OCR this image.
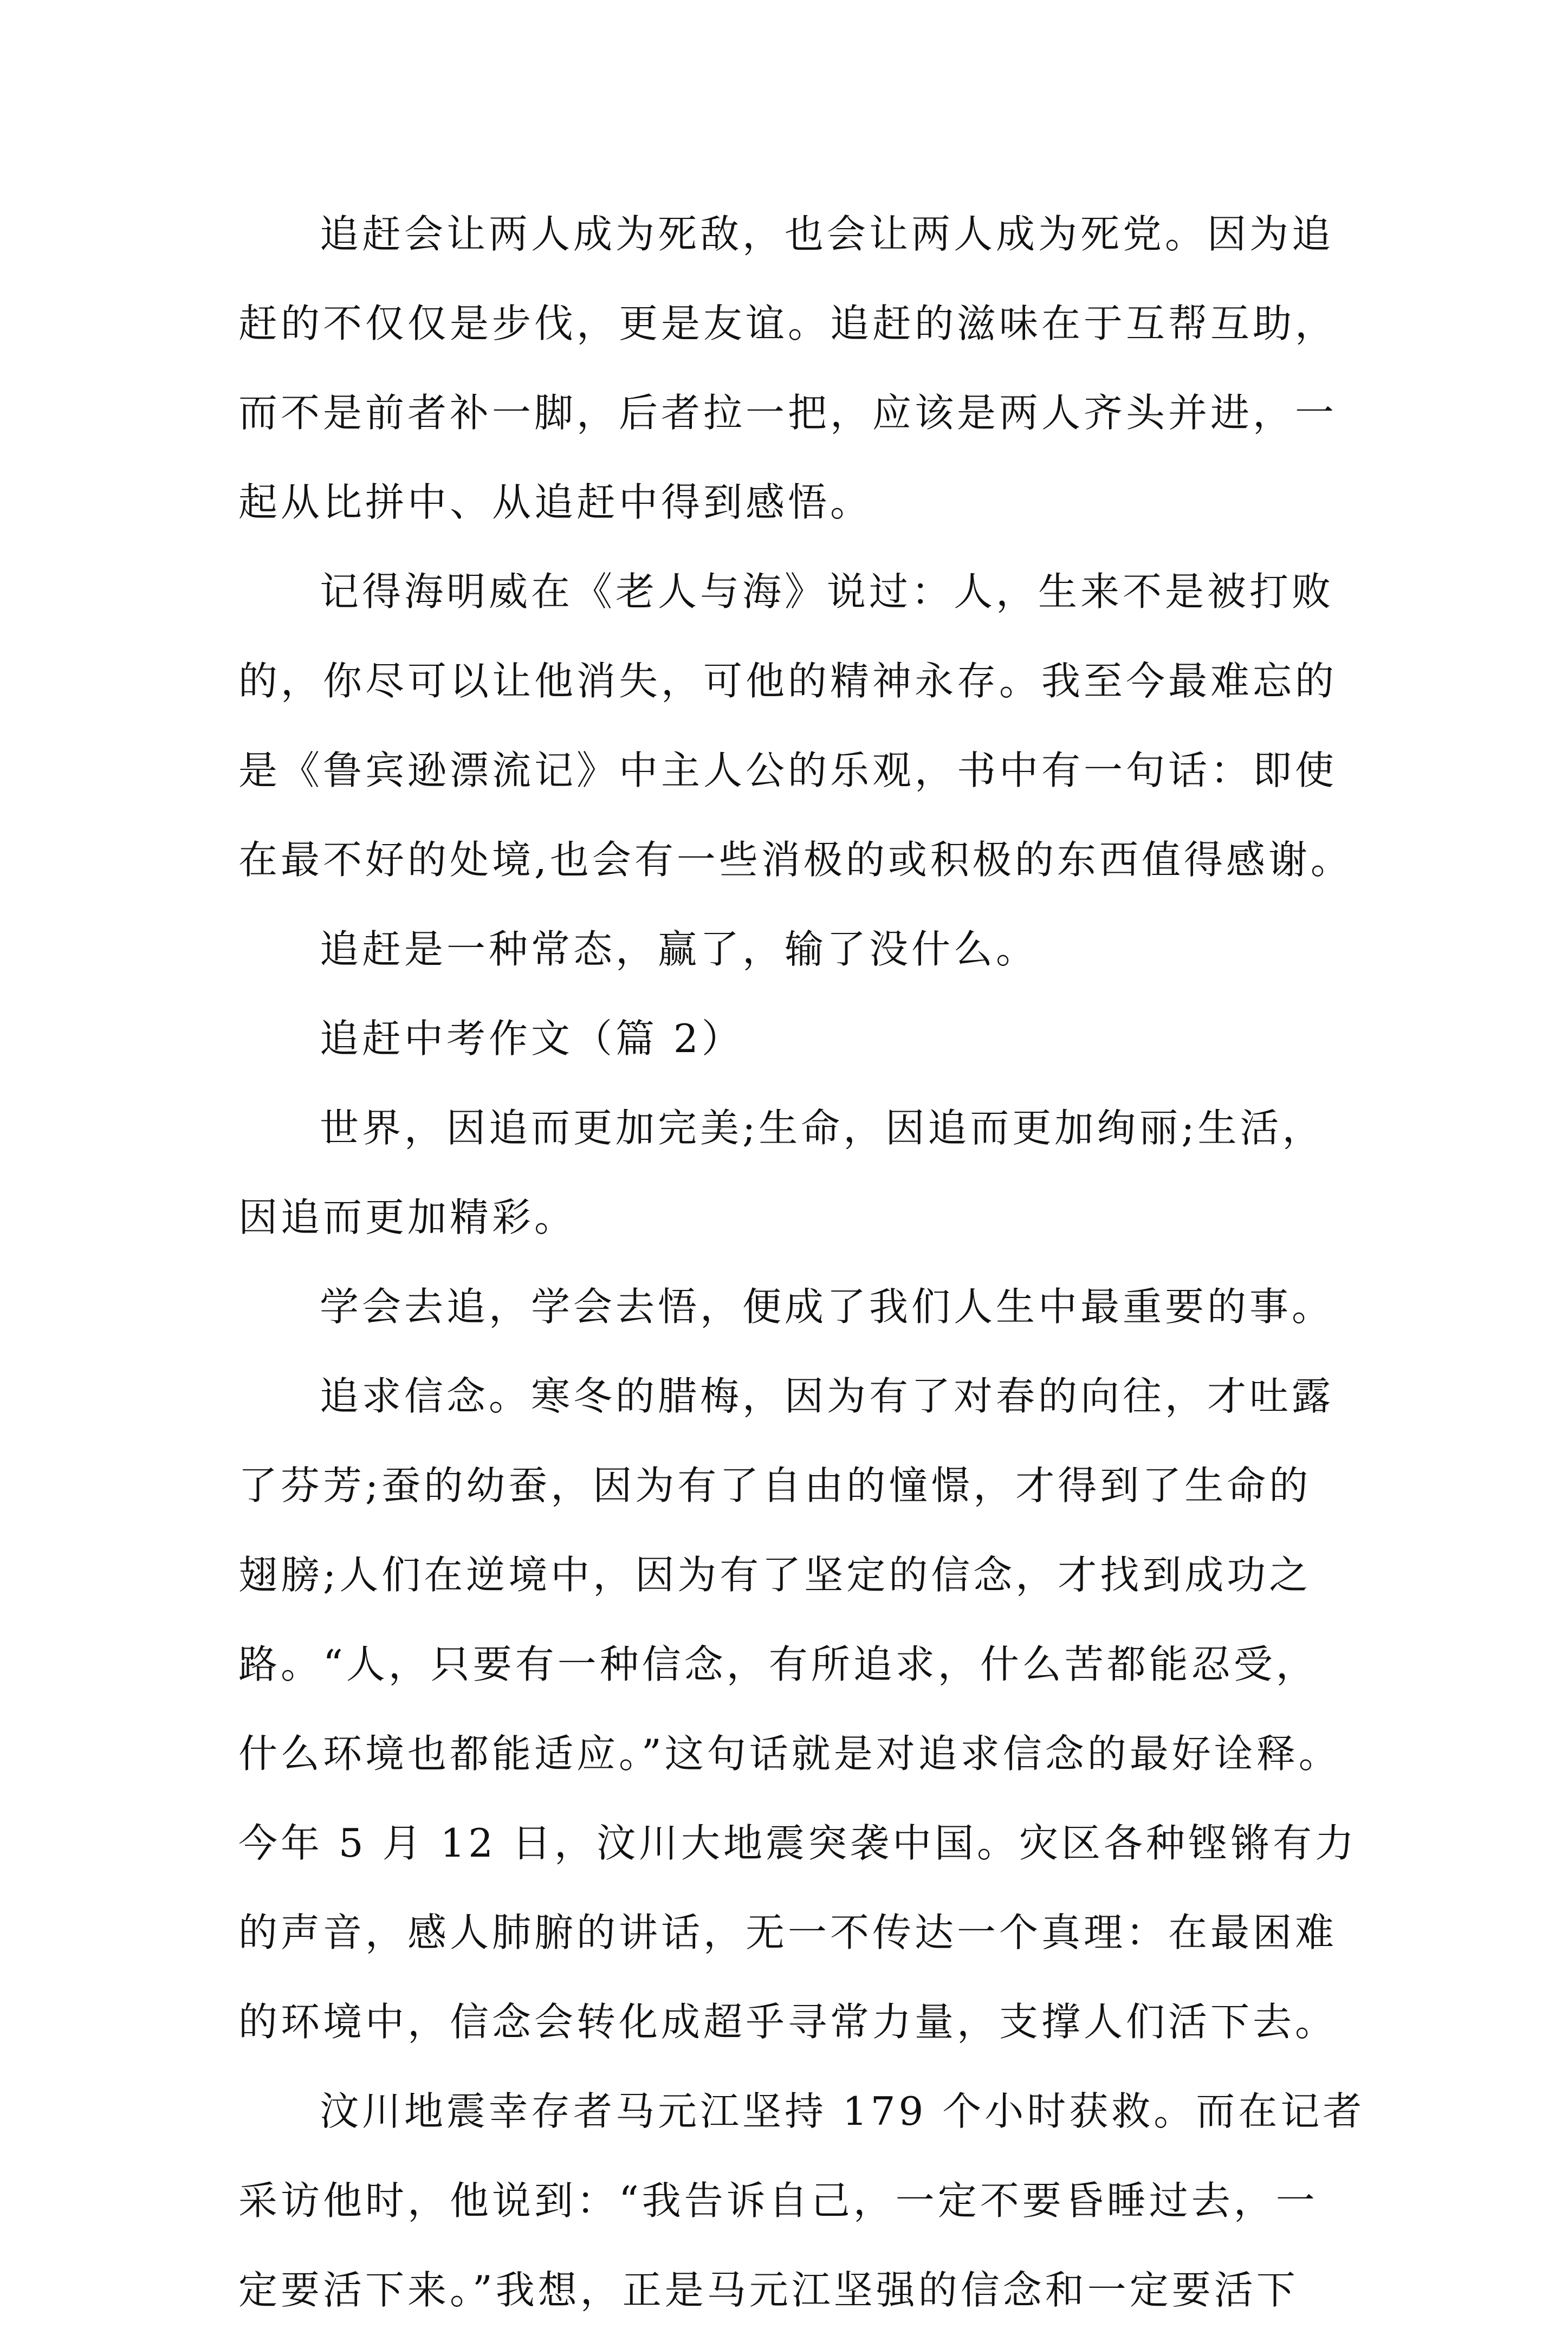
追赶会让两人成为死敌，也会让两人成为死党。因为追
赶的不仅仅是步伐，更是友谊。追赶的滋味在于互帮互助，
而不是前者补一脚，后者拉一把，应该是两人齐头并进，一
起从比拼中、从追赶中得到感悟。
记得海明威在《老人与海》说过：人，生来不是被打败
的，你尽可以让他消失，可他的精神永存。我至今最难忘的
是《鲁宾逊漂流记》中主人公的乐观，书中有一句话：即使
在最不好的处境,也会有一些消极的或积极的东西值得感谢。
追赶是一种常态，赢了，输了没什么。
追赶中考作文（篇 2）
世界，因追而更加完美;生命，因追而更加绚丽;生活，
因追而更加精彩。
学会去追，学会去悟，便成了我们人生中最重要的事。
追求信念。寒冬的腊梅，因为有了对春的向往，才吐露
了芬芳;蚕的幼蚕，因为有了自由的憧憬，才得到了生命的
翅膀;人们在逆境中，因为有了坚定的信念，才找到成功之
路。“人，只要有一种信念，有所追求，什么苦都能忍受，
什么环境也都能适应。”这句话就是对追求信念的最好诠释。
今年 5 月 12 日，汶川大地震突袭中国。灾区各种铿锵有力
的声音，感人肺腑的讲话，无一不传达一个真理：在最困难
的环境中，信念会转化成超乎寻常力量，支撑人们活下去。
汶川地震幸存者马元江坚持 179 个小时获救。而在记者
采访他时，他说到：“我告诉自己，一定不要昏睡过去，一
定要活下来。”我想，正是马元江坚强的信念和一定要活下
